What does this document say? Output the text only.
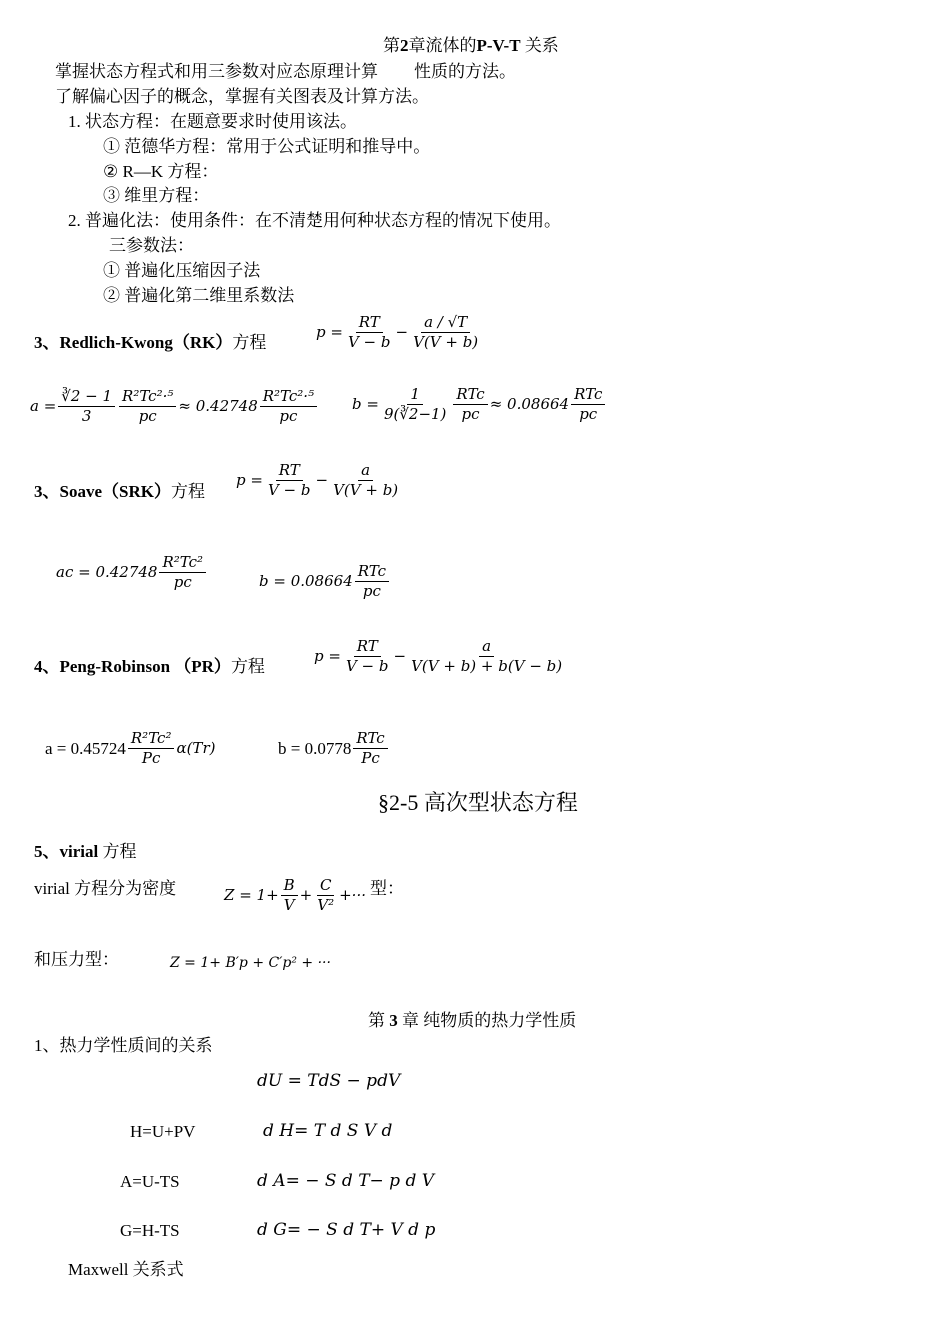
第2章流体的P-V-T 关系
掌握状态方程式和用三参数对应态原理计算 性质的方法。
了解偏心因子的概念，掌握有关图表及计算方法。
1. 状态方程：在题意要求时使用该法。
① 范德华方程：常用于公式证明和推导中。
② R—K 方程：
③ 维里方程：
2. 普遍化法：使用条件：在不清楚用何种状态方程的情况下使用。
三参数法：
① 普遍化压缩因子法
② 普遍化第二维里系数法
3、Redlich-Kwong（RK）方程
$p = \frac{RT}{V - b} - \frac{a / √T}{V(V + b)}$
$a = \frac{∛2 - 1}{3} \frac{\text{R²Tc²·⁵}}{pc} \approx 0.42748 \frac{\text{R²Tc²·⁵}}{pc}$ $b = \frac{1}{9(∛2-1)} \frac{\text{RTc}}{pc} \approx 0.08664 \frac{\text{RTc}}{pc}$
3、Soave（SRK）方程
$p = \frac{RT}{V - b} - \frac{a}{V(V + b)}$
ac = $0.42748 \frac{\text{R²Tc²}}{pc}$	$b = 0.08664 \frac{\text{RTc}}{pc}$
4、Peng-Robinson （PR）方程
$p = \frac{RT}{V - b} - \frac{a}{V(V + b) + b(V - b)}$
$a = 0.45724 \frac{\text{R²Tc²}}{Pc} \alpha(Tr)$	$b = 0.0778 \frac{\text{RTc}}{Pc}$
§2-5 高次型状态方程
5、virial 方程
virial 方程分为密度	$Z = 1+ \frac{B}{V} + \frac{C}{\text{V²}}$ +··· 型：
和压力型：	Z = 1+ B′p + C′p² + ···
第 3 章 纯物质的热力学性质
1、热力学性质间的关系
dU = TdS − pdV
H=U+PV	d H= T d S V d
A=U-TS	d A= − S d T− p d V
G=H-TS	d G= − S d T+ V d p
Maxwell 关系式
